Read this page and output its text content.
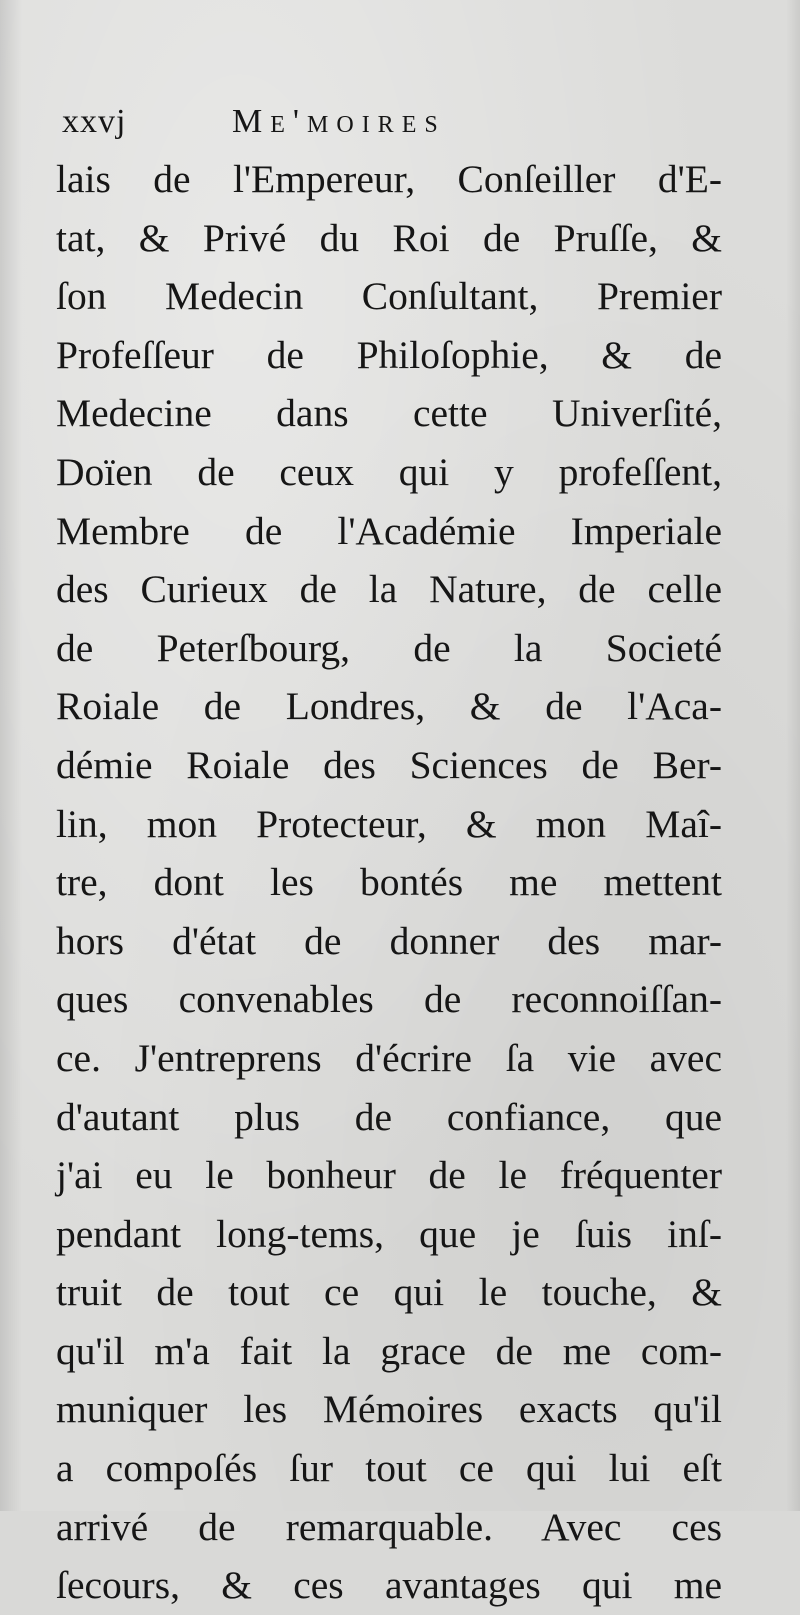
xxvj	Me'moires
lais de l'Empereur, Conſeiller d'E-
tat, & Privé du Roi de Pruſſe, &
ſon Medecin Conſultant, Premier
Profeſſeur de Philoſophie, & de
Medecine dans cette Univerſité,
Doïen de ceux qui y profeſſent,
Membre de l'Académie Imperiale
des Curieux de la Nature, de celle
de Peterſbourg, de la Societé
Roiale de Londres, & de l'Aca-
démie Roiale des Sciences de Ber-
lin, mon Protecteur, & mon Maî-
tre, dont les bontés me mettent
hors d'état de donner des mar-
ques convenables de reconnoiſſan-
ce. J'entreprens d'écrire ſa vie avec
d'autant plus de confiance, que
j'ai eu le bonheur de le fréquenter
pendant long-tems, que je ſuis inſ-
truit de tout ce qui le touche, &
qu'il m'a fait la grace de me com-
muniquer les Mémoires exacts qu'il
a compoſés ſur tout ce qui lui eſt
arrivé de remarquable. Avec ces
ſecours, & ces avantages qui me
